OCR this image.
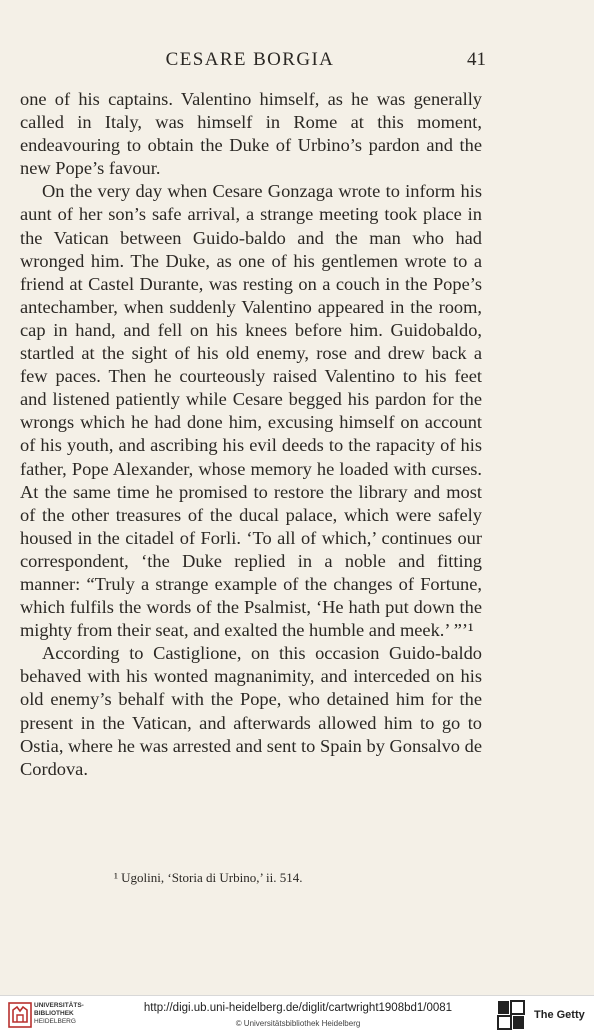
CESARE BORGIA	41

one of his captains. Valentino himself, as he was generally called in Italy, was himself in Rome at this moment, endeavouring to obtain the Duke of Urbino’s pardon and the new Pope’s favour.

On the very day when Cesare Gonzaga wrote to inform his aunt of her son’s safe arrival, a strange meeting took place in the Vatican between Guido-baldo and the man who had wronged him. The Duke, as one of his gentlemen wrote to a friend at Castel Durante, was resting on a couch in the Pope’s antechamber, when suddenly Valentino appeared in the room, cap in hand, and fell on his knees before him. Guidobaldo, startled at the sight of his old enemy, rose and drew back a few paces. Then he courteously raised Valentino to his feet and listened patiently while Cesare begged his pardon for the wrongs which he had done him, excusing himself on account of his youth, and ascribing his evil deeds to the rapacity of his father, Pope Alexander, whose memory he loaded with curses. At the same time he promised to restore the library and most of the other treasures of the ducal palace, which were safely housed in the citadel of Forli. ‘To all of which,’ continues our correspondent, ‘the Duke replied in a noble and fitting manner: “Truly a strange example of the changes of Fortune, which fulfils the words of the Psalmist, ‘He hath put down the mighty from their seat, and exalted the humble and meek.’ ”’¹

According to Castiglione, on this occasion Guido-baldo behaved with his wonted magnanimity, and interceded on his old enemy’s behalf with the Pope, who detained him for the present in the Vatican, and afterwards allowed him to go to Ostia, where he was arrested and sent to Spain by Gonsalvo de Cordova.

¹ Ugolini, ‘Storia di Urbino,’ ii. 514.
UNIVERSITÄTS-
BIBLIOTHEK
HEIDELBERG
http://digi.ub.uni-heidelberg.de/diglit/cartwright1908bd1/0081
© Universitätsbibliothek Heidelberg
The Getty
